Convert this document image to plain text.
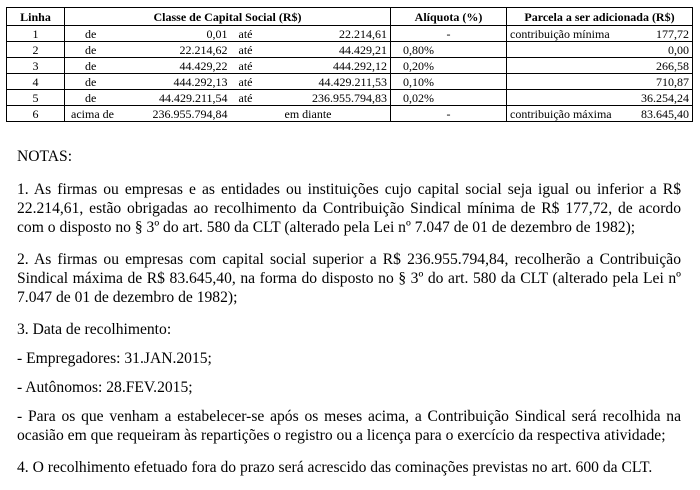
Linha	Classe de Capital Social (R$)				Alíquota (%)	Parcela a ser adicionada (R$)	
1	de	0,01	até	22.214,61	-	contribuição mínima	177,72
2	de	22.214,62	até	44.429,21	0,80%		0,00
3	de	44.429,22	até	444.292,12	0,20%		266,58
4	de	444.292,13	até	44.429.211,53	0,10%		710,87
5	de	44.429.211,54	até	236.955.794,83	0,02%		36.254,24
6	acima de	236.955.794,84	em diante		-	contribuição máxima	83.645,40

NOTAS:

1. As firmas ou empresas e as entidades ou instituições cujo capital social seja igual ou inferior a R$ 22.214,61, estão obrigadas ao recolhimento da Contribuição Sindical mínima de R$ 177,72, de acordo com o disposto no § 3º do art. 580 da CLT (alterado pela Lei nº 7.047 de 01 de dezembro de 1982);

2. As firmas ou empresas com capital social superior a R$ 236.955.794,84, recolherão a Contribuição Sindical máxima de R$ 83.645,40, na forma do disposto no § 3º do art. 580 da CLT (alterado pela Lei nº 7.047 de 01 de dezembro de 1982);

3. Data de recolhimento:

- Empregadores: 31.JAN.2015;

- Autônomos: 28.FEV.2015;

- Para os que venham a estabelecer-se após os meses acima, a Contribuição Sindical será recolhida na ocasião em que requeiram às repartições o registro ou a licença para o exercício da respectiva atividade;

4. O recolhimento efetuado fora do prazo será acrescido das cominações previstas no art. 600 da CLT.
